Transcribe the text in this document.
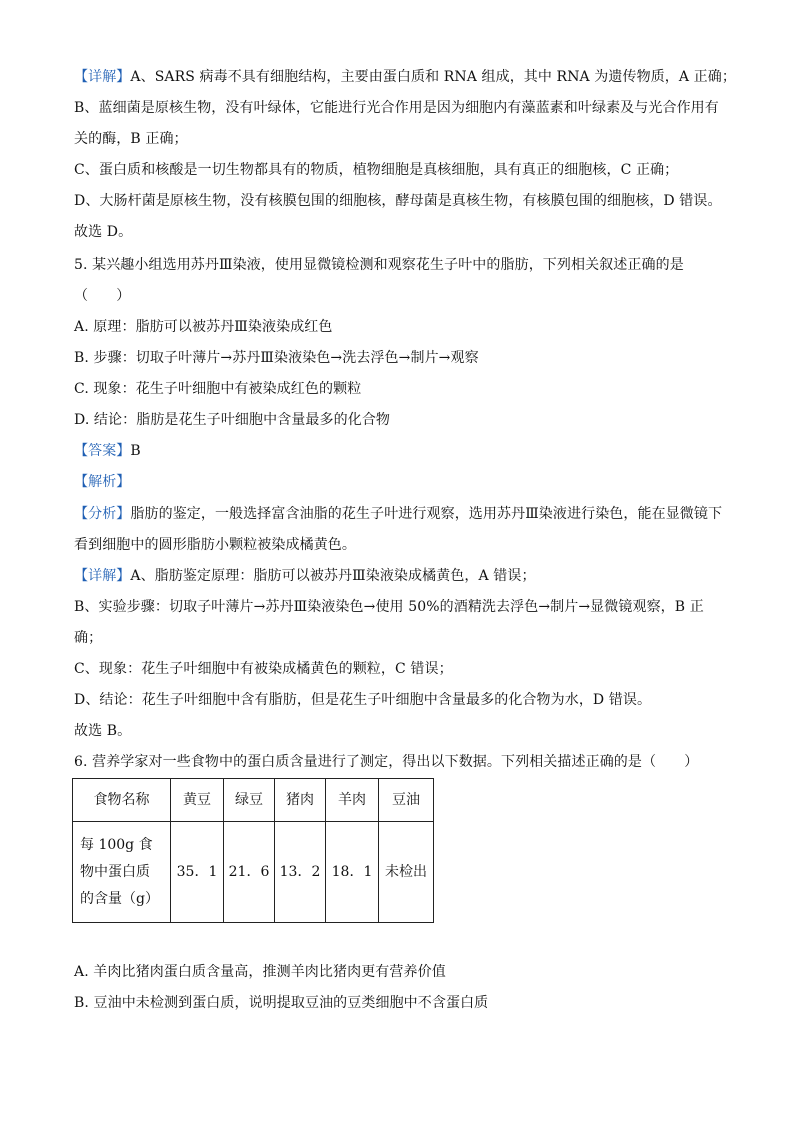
【详解】A、SARS 病毒不具有细胞结构，主要由蛋白质和 RNA 组成，其中 RNA 为遗传物质，A 正确；
B、蓝细菌是原核生物，没有叶绿体，它能进行光合作用是因为细胞内有藻蓝素和叶绿素及与光合作用有
关的酶，B 正确；
C、蛋白质和核酸是一切生物都具有的物质，植物细胞是真核细胞，具有真正的细胞核，C 正确；
D、大肠杆菌是原核生物，没有核膜包围的细胞核，酵母菌是真核生物，有核膜包围的细胞核，D 错误。
故选 D。
5. 某兴趣小组选用苏丹Ⅲ染液，使用显微镜检测和观察花生子叶中的脂肪，下列相关叙述正确的是
（　　）
A. 原理：脂肪可以被苏丹Ⅲ染液染成红色
B. 步骤：切取子叶薄片→苏丹Ⅲ染液染色→洗去浮色→制片→观察
C. 现象：花生子叶细胞中有被染成红色的颗粒
D. 结论：脂肪是花生子叶细胞中含量最多的化合物
【答案】B
【解析】
【分析】脂肪的鉴定，一般选择富含油脂的花生子叶进行观察，选用苏丹Ⅲ染液进行染色，能在显微镜下
看到细胞中的圆形脂肪小颗粒被染成橘黄色。
【详解】A、脂肪鉴定原理：脂肪可以被苏丹Ⅲ染液染成橘黄色，A 错误；
B、实验步骤：切取子叶薄片→苏丹Ⅲ染液染色→使用 50%的酒精洗去浮色→制片→显微镜观察，B 正
确；
C、现象：花生子叶细胞中有被染成橘黄色的颗粒，C 错误；
D、结论：花生子叶细胞中含有脂肪，但是花生子叶细胞中含量最多的化合物为水，D 错误。
故选 B。
6. 营养学家对一些食物中的蛋白质含量进行了测定，得出以下数据。下列相关描述正确的是（　　）
食物名称	黄豆	绿豆	猪肉	羊肉	豆油

每 100g 食
物中蛋白质
的含量（g）	35．1	21．6	13．2	18．1	未检出
A. 羊肉比猪肉蛋白质含量高，推测羊肉比猪肉更有营养价值
B. 豆油中未检测到蛋白质，说明提取豆油的豆类细胞中不含蛋白质
